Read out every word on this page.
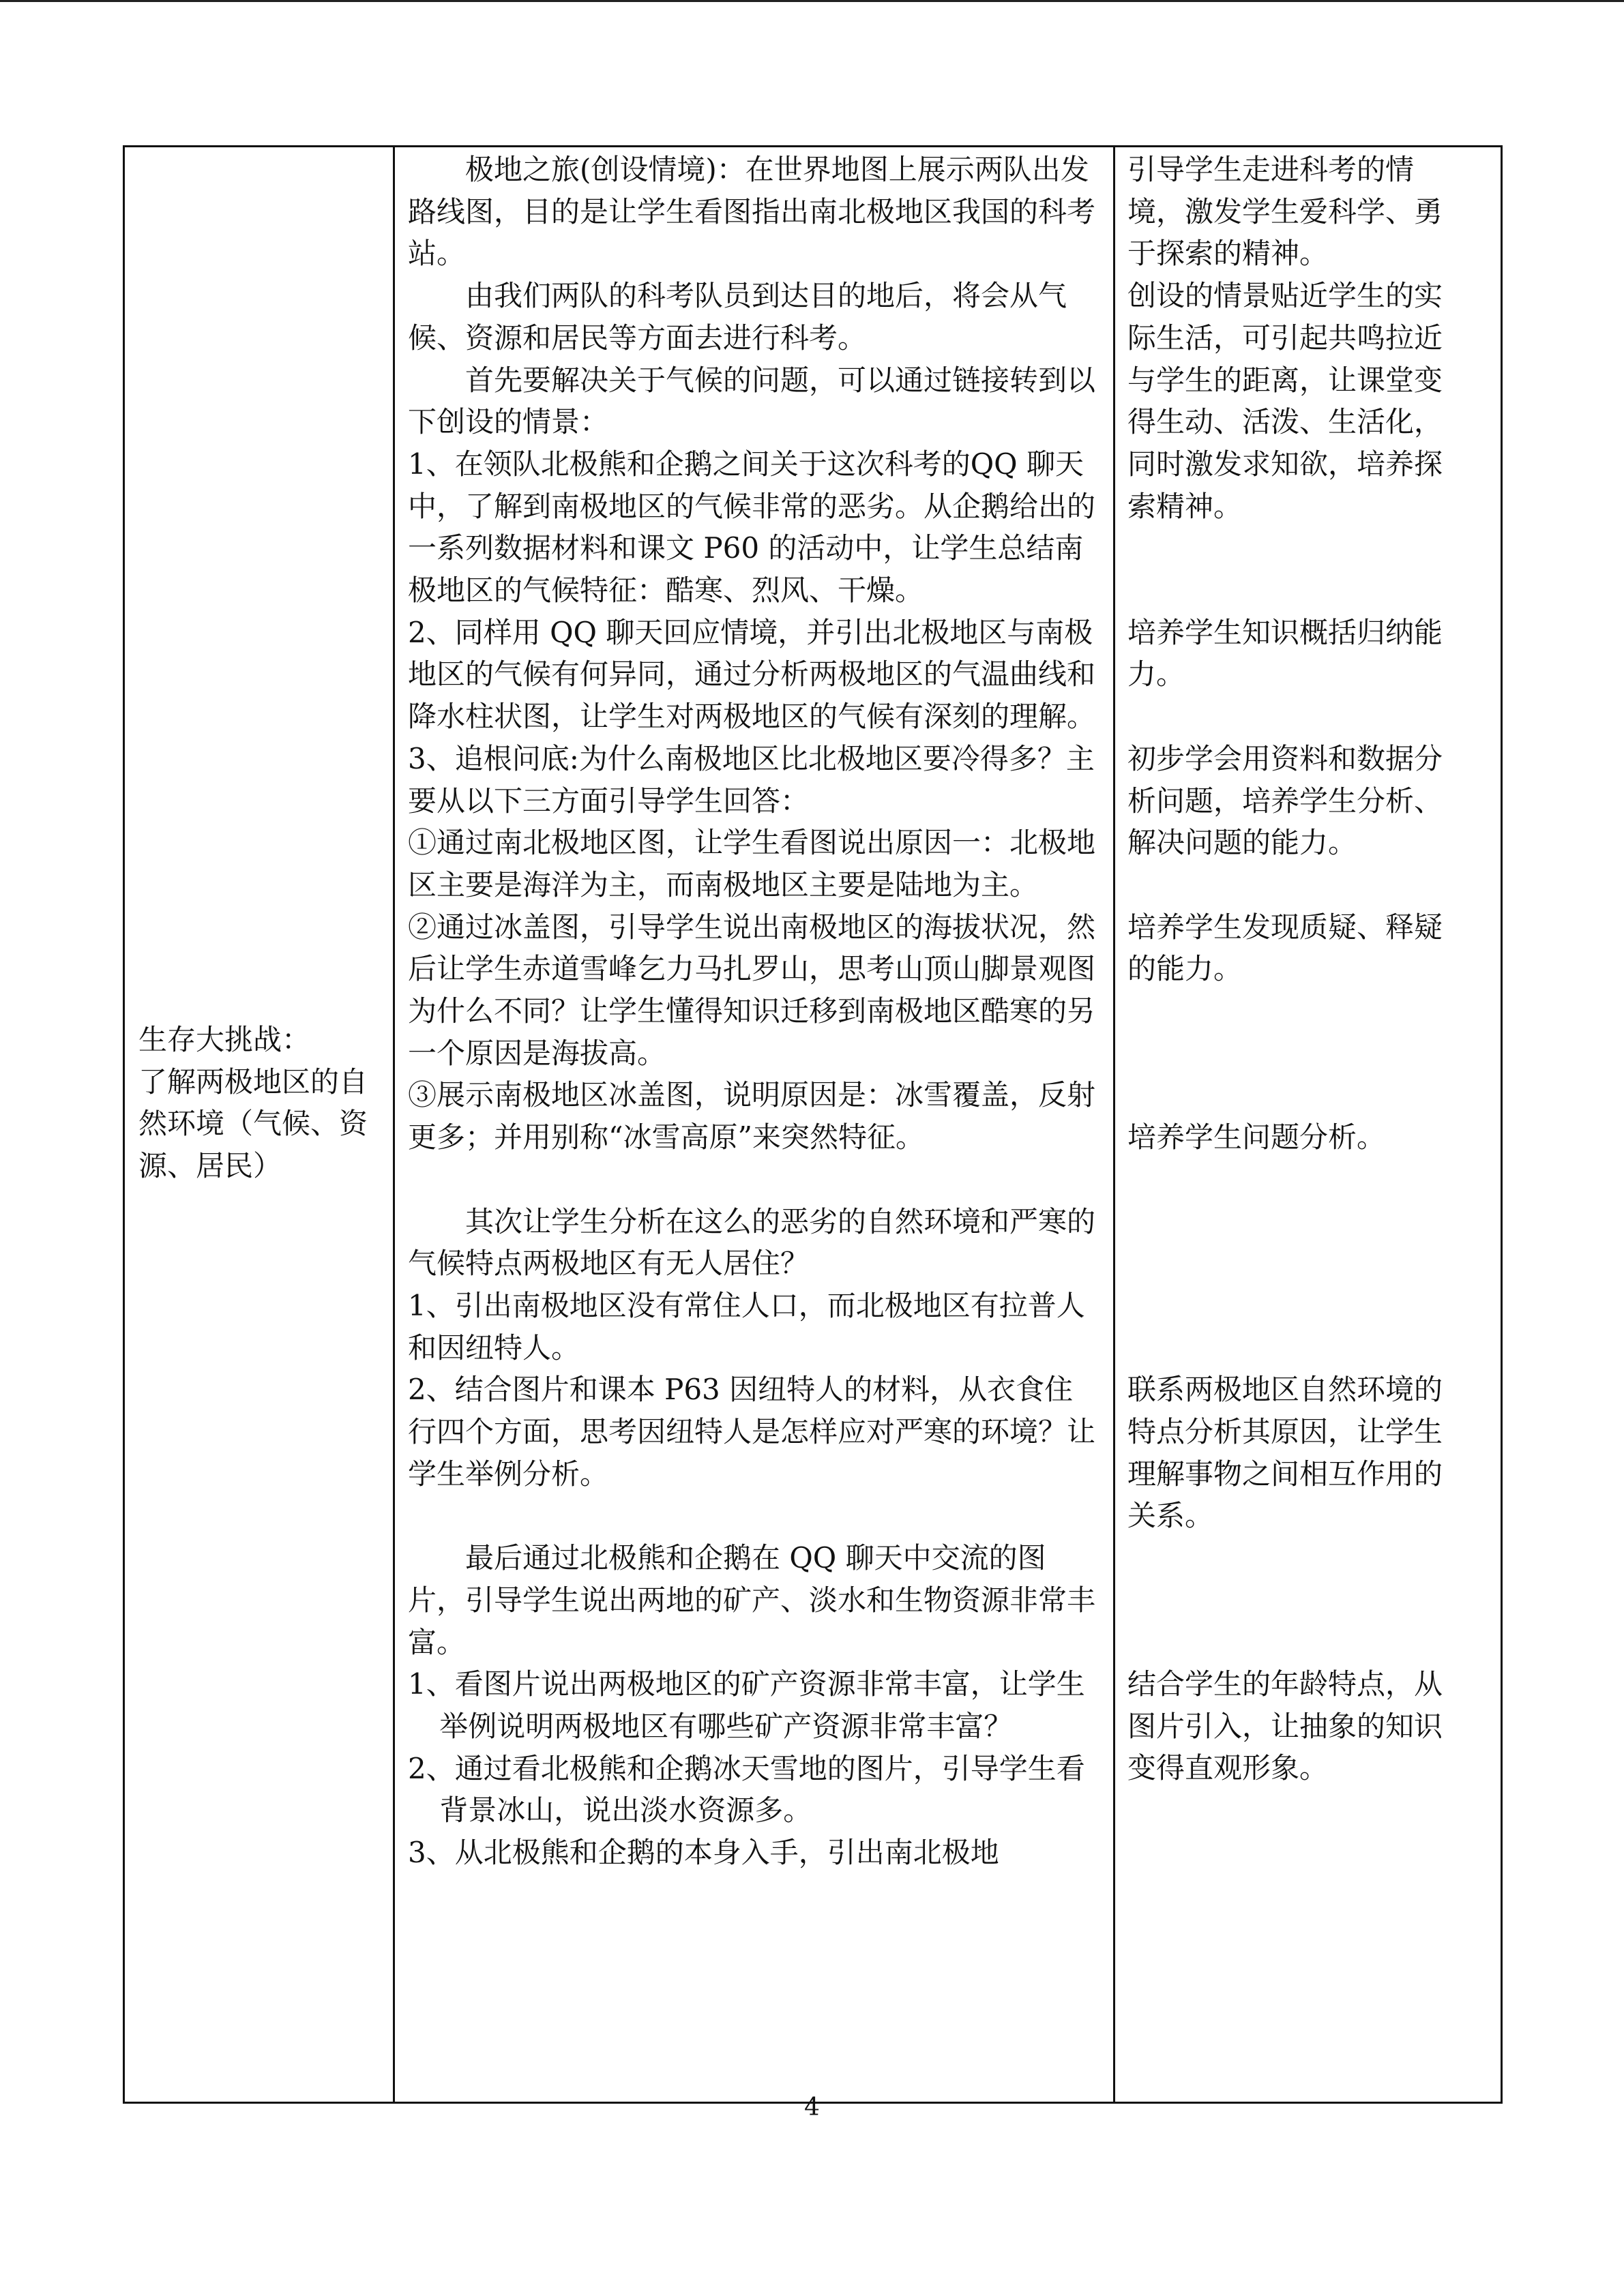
生存大挑战：
了解两极地区的自然环境（气候、资源、居民）

极地之旅(创设情境)：在世界地图上展示两队出发路线图，目的是让学生看图指出南北极地区我国的科考站。

由我们两队的科考队员到达目的地后，将会从气候、资源和居民等方面去进行科考。

首先要解决关于气候的问题，可以通过链接转到以下创设的情景：

1、在领队北极熊和企鹅之间关于这次科考的QQ 聊天中，了解到南极地区的气候非常的恶劣。从企鹅给出的一系列数据材料和课文 P60 的活动中，让学生总结南极地区的气候特征：酷寒、烈风、干燥。

2、同样用 QQ 聊天回应情境，并引出北极地区与南极地区的气候有何异同，通过分析两极地区的气温曲线和降水柱状图，让学生对两极地区的气候有深刻的理解。

3、追根问底:为什么南极地区比北极地区要冷得多？主要从以下三方面引导学生回答：

①通过南北极地区图，让学生看图说出原因一：北极地区主要是海洋为主，而南极地区主要是陆地为主。

②通过冰盖图，引导学生说出南极地区的海拔状况，然后让学生赤道雪峰乞力马扎罗山，思考山顶山脚景观图为什么不同？让学生懂得知识迁移到南极地区酷寒的另一个原因是海拔高。

③展示南极地区冰盖图，说明原因是：冰雪覆盖，反射更多；并用别称“冰雪高原”来突然特征。

其次让学生分析在这么的恶劣的自然环境和严寒的气候特点两极地区有无人居住？

1、引出南极地区没有常住人口，而北极地区有拉普人和因纽特人。

2、结合图片和课本 P63 因纽特人的材料，从衣食住行四个方面，思考因纽特人是怎样应对严寒的环境？让学生举例分析。

最后通过北极熊和企鹅在 QQ 聊天中交流的图片，引导学生说出两地的矿产、淡水和生物资源非常丰富。

1、看图片说出两极地区的矿产资源非常丰富，让学生举例说明两极地区有哪些矿产资源非常丰富？

2、通过看北极熊和企鹅冰天雪地的图片，引导学生看背景冰山，说出淡水资源多。

3、从北极熊和企鹅的本身入手，引出南北极地

引导学生走进科考的情境，激发学生爱科学、勇于探索的精神。

创设的情景贴近学生的实际生活，可引起共鸣拉近与学生的距离，让课堂变得生动、活泼、生活化，同时激发求知欲，培养探索精神。

培养学生知识概括归纳能力。

初步学会用资料和数据分析问题，培养学生分析、解决问题的能力。

培养学生发现质疑、释疑的能力。

培养学生问题分析。

联系两极地区自然环境的特点分析其原因，让学生理解事物之间相互作用的关系。

结合学生的年龄特点，从图片引入，让抽象的知识变得直观形象。

4
